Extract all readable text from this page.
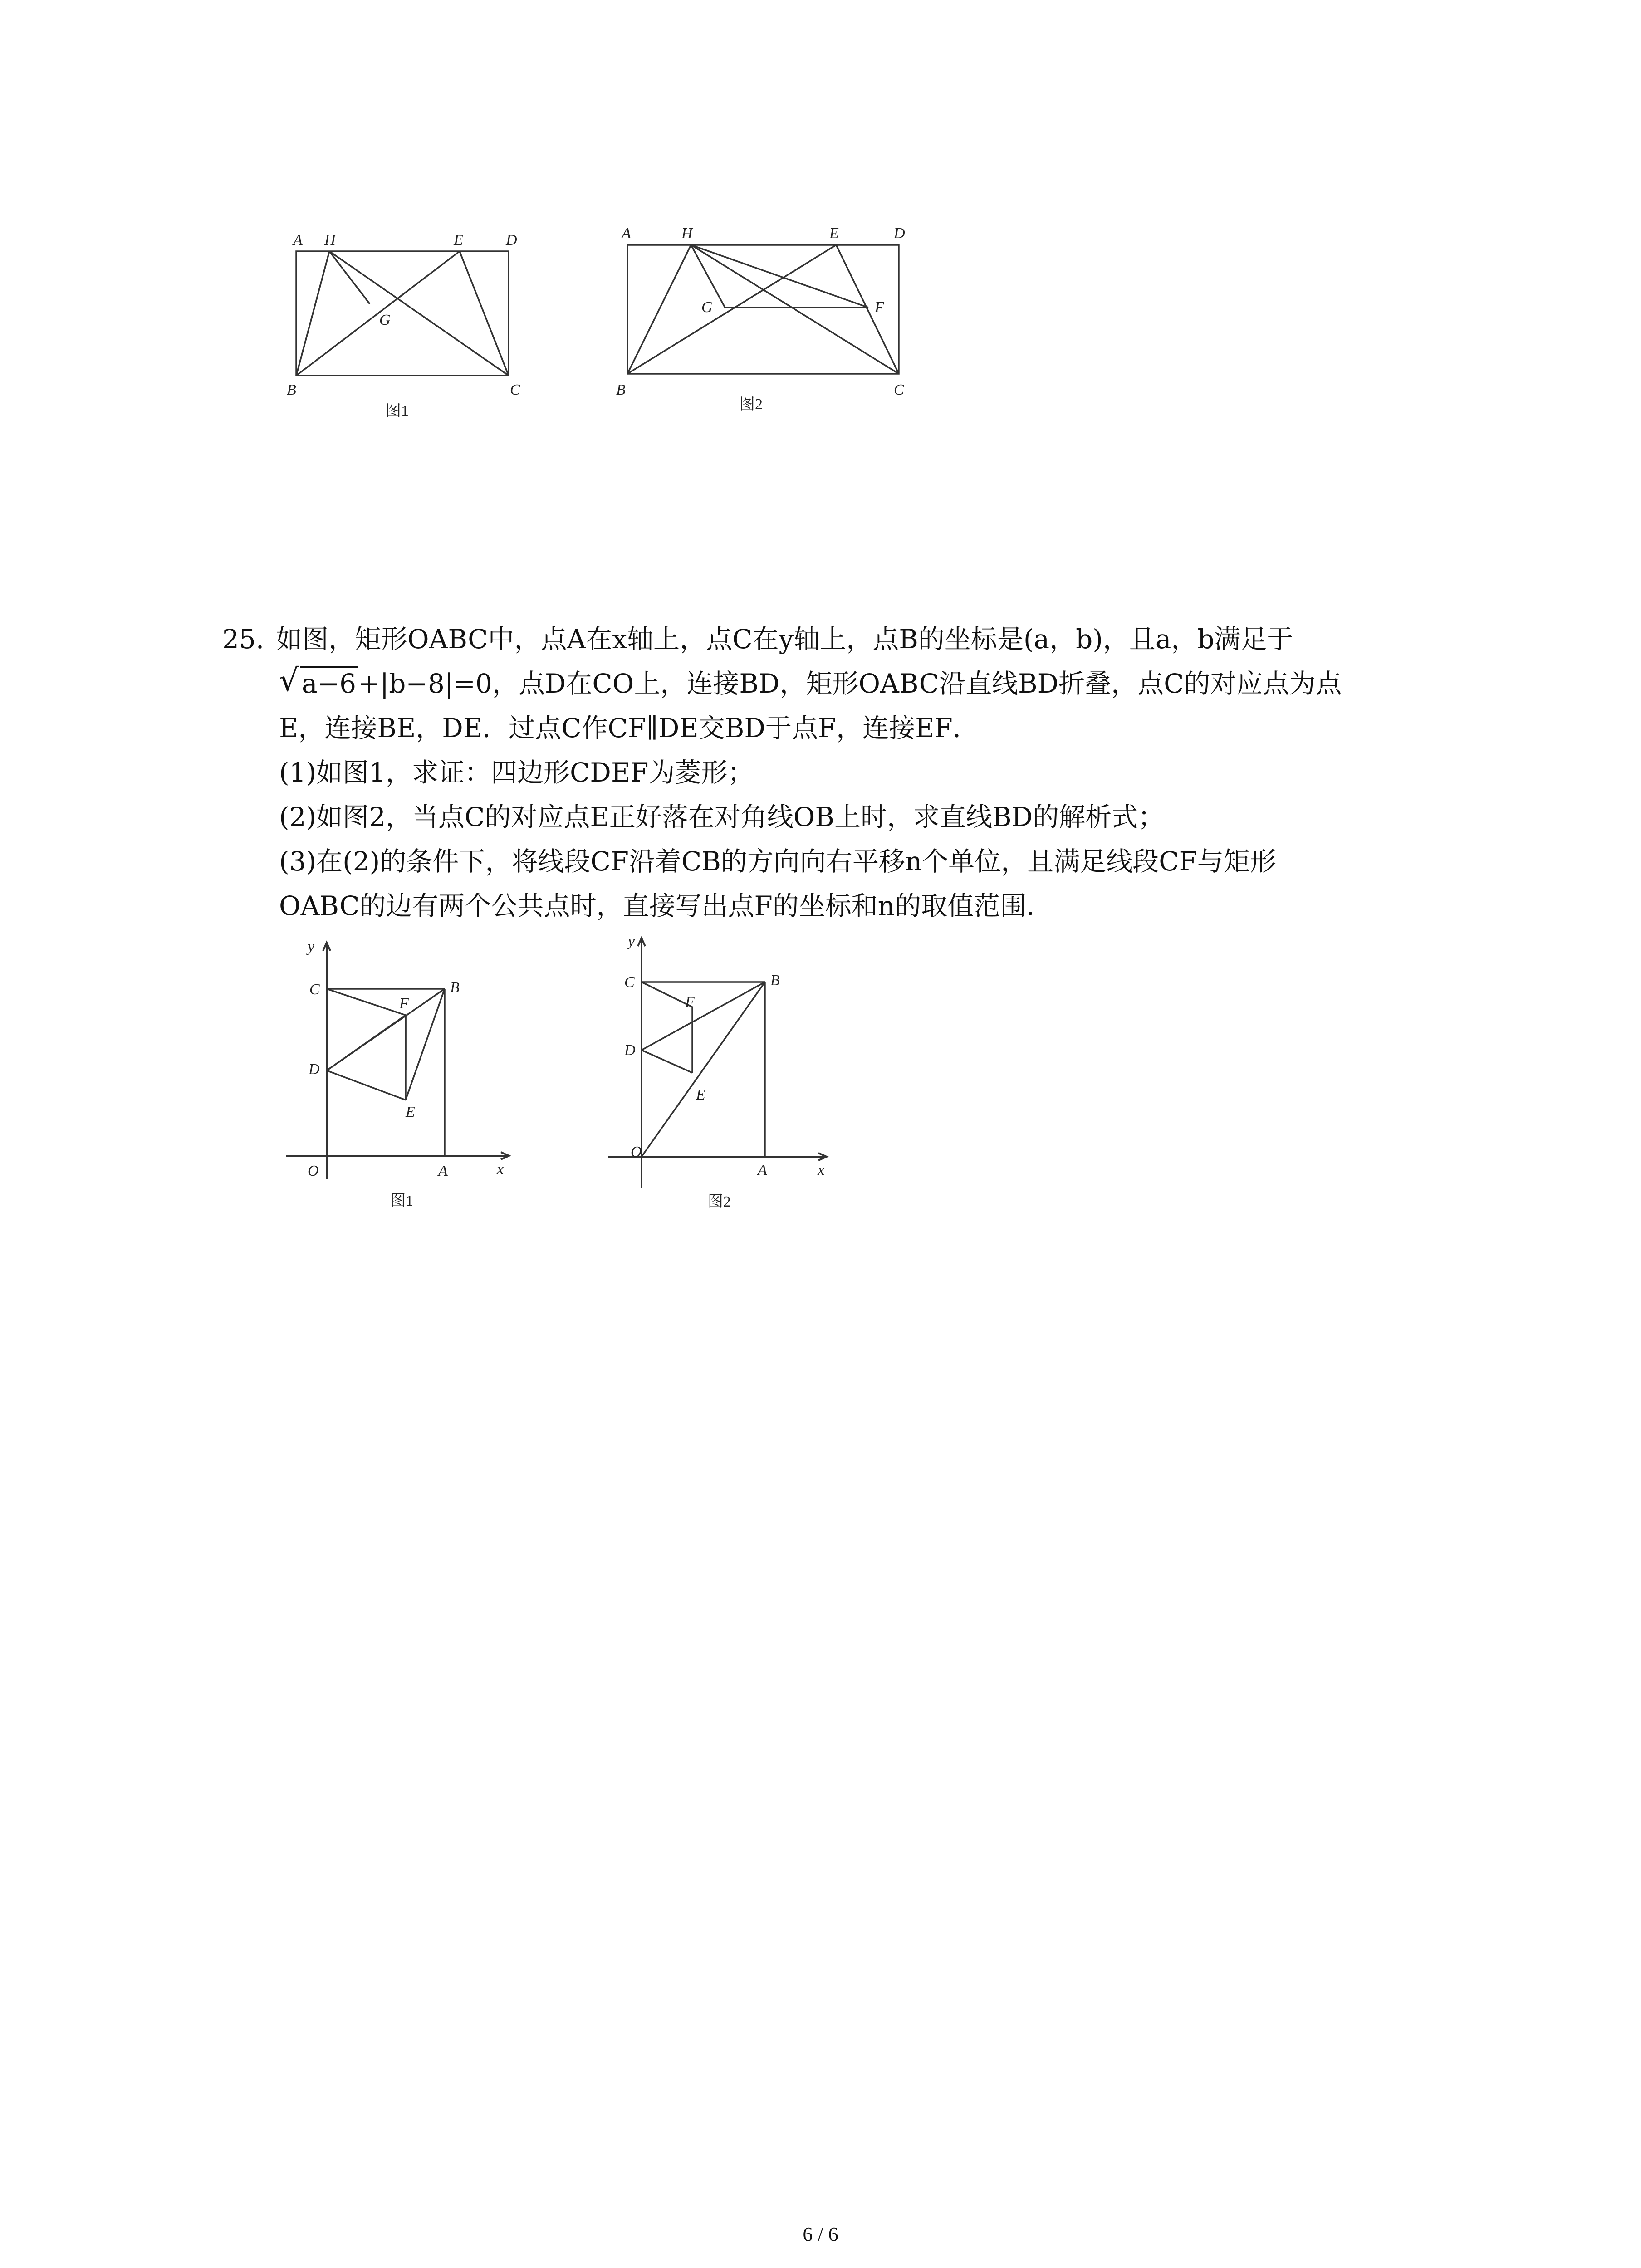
A H	E	D
G
B	C
图1
A	H	E	D
G	F
B	C
图2

25. 如图，矩形OABC中，点A在x轴上，点C在y轴上，点B的坐标是(a，b)，且a，b满足于

√ a−6+|b−8|=0，点D在CO上，连接BD，矩形OABC沿直线BD折叠，点C的对应点为点

E，连接BE，DE．过点C作CF∥DE交BD于点F，连接EF．

(1)如图1，求证：四边形CDEF为菱形；

(2)如图2，当点C的对应点E正好落在对角线OB上时，求直线BD的解析式；

(3)在(2)的条件下，将线段CF沿着CB的方向向右平移n个单位，且满足线段CF与矩形

OABC的边有两个公共点时，直接写出点F的坐标和n的取值范围．

y
x
C	B
F
D
E
O	A
图1
y
x
C	B
F
D
E
O
A
图2
6 / 6
